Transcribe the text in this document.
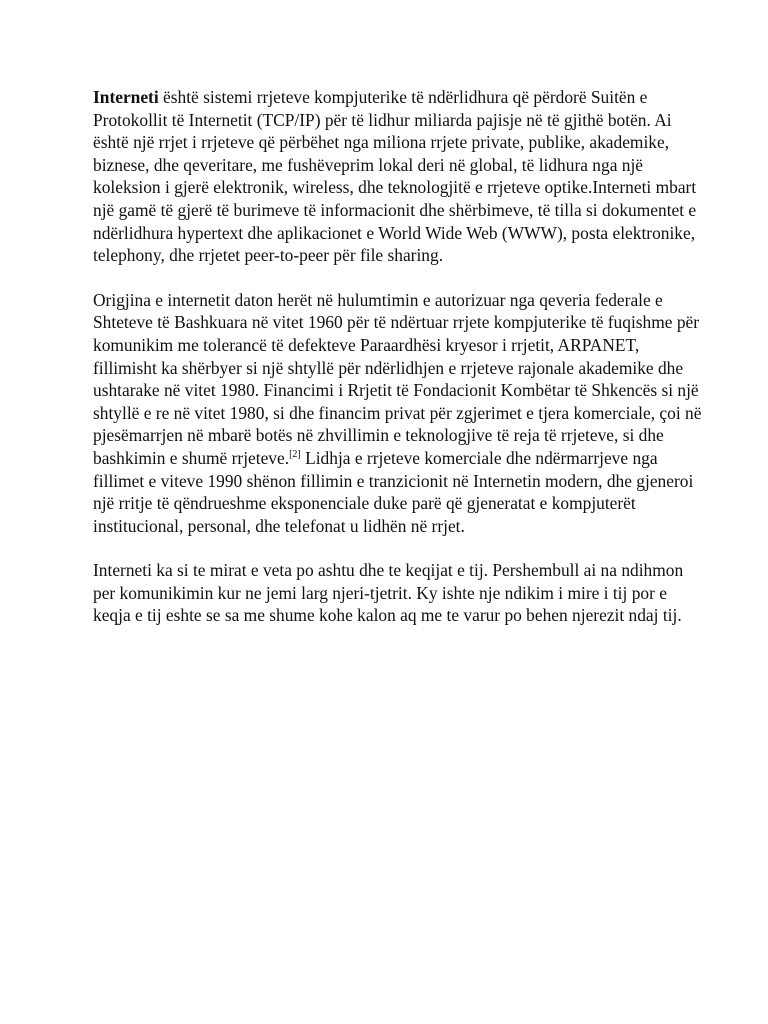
Interneti është sistemi rrjeteve kompjuterike të ndërlidhura që përdorë Suitën e Protokollit të Internetit (TCP/IP) për të lidhur miliarda pajisje në të gjithë botën. Ai është një rrjet i rrjeteve që përbëhet nga miliona rrjete private, publike, akademike, biznese, dhe qeveritare, me fushëveprim lokal deri në global, të lidhura nga një koleksion i gjerë elektronik, wireless, dhe teknologjitë e rrjeteve optike.Interneti mbart një gamë të gjerë të burimeve të informacionit dhe shërbimeve, të tilla si dokumentet e ndërlidhura hypertext dhe aplikacionet e World Wide Web (WWW), posta elektronike, telephony, dhe rrjetet peer-to-peer për file sharing.

Origjina e internetit daton herët në hulumtimin e autorizuar nga qeveria federale e Shteteve të Bashkuara në vitet 1960 për të ndërtuar rrjete kompjuterike të fuqishme për komunikim me tolerancë të defekteve Paraardhësi kryesor i rrjetit, ARPANET, fillimisht ka shërbyer si një shtyllë për ndërlidhjen e rrjeteve rajonale akademike dhe ushtarake në vitet 1980. Financimi i Rrjetit të Fondacionit Kombëtar të Shkencës si një shtyllë e re në vitet 1980, si dhe financim privat për zgjerimet e tjera komerciale, çoi në pjesëmarrjen në mbarë botës në zhvillimin e teknologjive të reja të rrjeteve, si dhe bashkimin e shumë rrjeteve.[2] Lidhja e rrjeteve komerciale dhe ndërmarrjeve nga fillimet e viteve 1990 shënon fillimin e tranzicionit në Internetin modern, dhe gjeneroi një rritje të qëndrueshme eksponenciale duke parë që gjeneratat e kompjuterët institucional, personal, dhe telefonat u lidhën në rrjet.

Interneti ka si te mirat e veta po ashtu dhe te keqijat e tij. Pershembull ai na ndihmon per komunikimin kur ne jemi larg njeri-tjetrit. Ky ishte nje ndikim i mire i tij por e keqja e tij eshte se sa me shume kohe kalon aq me te varur po behen njerezit ndaj tij.
